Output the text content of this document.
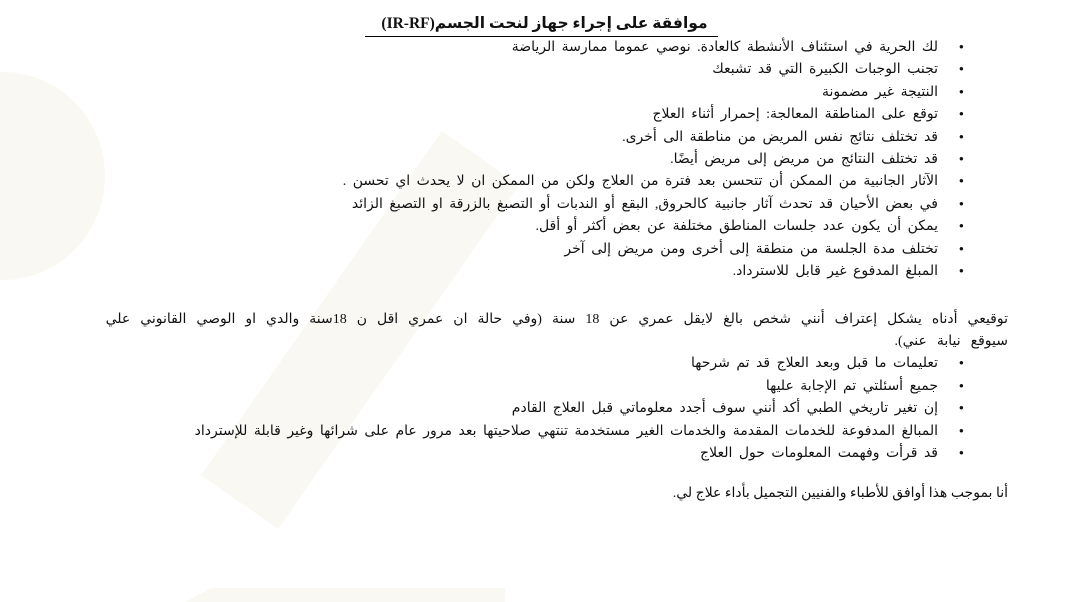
موافقة على إجراء جهاز لنحت الجسم(IR-RF)
• لك الحرية في استئناف الأنشطة كالعادة. نوصي عموما ممارسة الرياضة
• تجنب الوجبات الكبيرة التي قد تشبعك
• النتيجة غير مضمونة
• توقع على المناطقة المعالجة: إحمرار أثناء العلاج
• قد تختلف نتائج نفس المريض من مناطقة الى أخرى.
• قد تختلف النتائج من مريض إلى مريض أيضًا.
• الآثار الجانبية من الممكن أن تتحسن بعد فترة من العلاج ولكن من الممكن ان لا يحدث اي تحسن .
• في بعض الأحيان قد تحدث آثار جانبية كالحروق, البقع أو الندبات أو التصبغ بالزرقة او التصبغ الزائد
• يمكن أن يكون عدد جلسات المناطق مختلفة عن بعض أكثر أو أقل.
• تختلف مدة الجلسة من منطقة إلى أخرى ومن مريض إلى آخر
• المبلغ المدفوع غير قابل للاسترداد.

توقيعي أدناه يشكل إعتراف أنني شخص بالغ لايقل عمري عن 18 سنة (وفي حالة ان عمري اقل ن 18سنة والدي او الوصي القانوني علي سيوقع نيابة عني).

• تعليمات ما قبل وبعد العلاج قد تم شرحها
• جميع أسئلتي تم الإجابة عليها
• إن تغير تاريخي الطبي أكد أنني سوف أجدد معلوماتي قبل العلاج القادم
• المبالغ المدفوعة للخدمات المقدمة والخدمات الغير مستخدمة تنتهي صلاحيتها بعد مرور عام على شرائها وغير قابلة للإسترداد
• قد قرأت وفهمت المعلومات حول العلاج

أنا بموجب هذا أوافق للأطباء والفنيين التجميل بأداء علاج لي.
